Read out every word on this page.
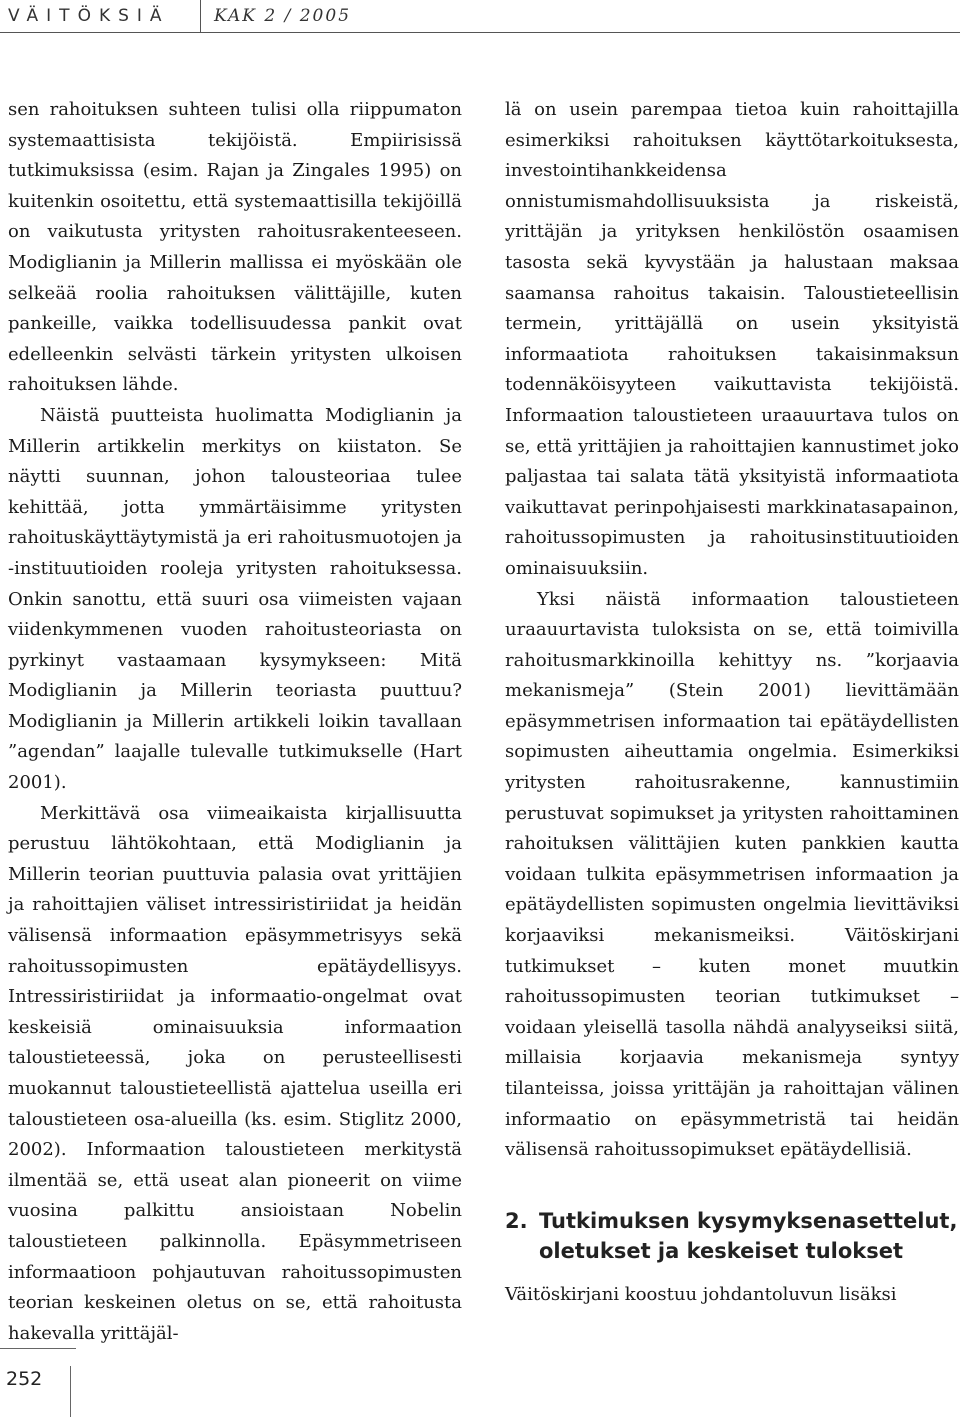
VÄITÖKSIÄ	KAK 2 / 2005

sen rahoituksen suhteen tulisi olla riippumaton systemaattisista tekijöistä. Empiirisissä tutkimuksissa (esim. Rajan ja Zingales 1995) on kuitenkin osoitettu, että systemaattisilla tekijöillä on vaikutusta yritysten rahoitusrakenteeseen. Modiglianin ja Millerin mallissa ei myöskään ole selkeää roolia rahoituksen välittäjille, kuten pankeille, vaikka todellisuudessa pankit ovat edelleenkin selvästi tärkein yritysten ulkoisen rahoituksen lähde.

Näistä puutteista huolimatta Modiglianin ja Millerin artikkelin merkitys on kiistaton. Se näytti suunnan, johon talousteoriaa tulee kehittää, jotta ymmärtäisimme yritysten rahoituskäyttäytymistä ja eri rahoitusmuotojen ja -instituutioiden rooleja yritysten rahoituksessa. Onkin sanottu, että suuri osa viimeisten vajaan viidenkymmenen vuoden rahoitusteoriasta on pyrkinyt vastaamaan kysymykseen: Mitä Modiglianin ja Millerin teoriasta puuttuu? Modiglianin ja Millerin artikkeli loikin tavallaan ”agendan” laajalle tulevalle tutkimukselle (Hart 2001).

Merkittävä osa viimeaikaista kirjallisuutta perustuu lähtökohtaan, että Modiglianin ja Millerin teorian puuttuvia palasia ovat yrittäjien ja rahoittajien väliset intressiristiriidat ja heidän välisensä informaation epäsymmetrisyys sekä rahoitussopimusten epätäydellisyys. Intressiristiriidat ja informaatio-ongelmat ovat keskeisiä ominaisuuksia informaation taloustieteessä, joka on perusteellisesti muokannut taloustieteellistä ajattelua useilla eri taloustieteen osa-alueilla (ks. esim. Stiglitz 2000, 2002). Informaation taloustieteen merkitystä ilmentää se, että useat alan pioneerit on viime vuosina palkittu ansioistaan Nobelin taloustieteen palkinnolla. Epäsymmetriseen informaatioon pohjautuvan rahoitussopimusten teorian keskeinen oletus on se, että rahoitusta hakevalla yrittäjäl-

lä on usein parempaa tietoa kuin rahoittajilla esimerkiksi rahoituksen käyttötarkoituksesta, investointihankkeidensa onnistumismahdollisuuksista ja riskeistä, yrittäjän ja yrityksen henkilöstön osaamisen tasosta sekä kyvystään ja halustaan maksaa saamansa rahoitus takaisin. Taloustieteellisin termein, yrittäjällä on usein yksityistä informaatiota rahoituksen takaisinmaksun todennäköisyyteen vaikuttavista tekijöistä. Informaation taloustieteen uraauurtava tulos on se, että yrittäjien ja rahoittajien kannustimet joko paljastaa tai salata tätä yksityistä informaatiota vaikuttavat perinpohjaisesti markkinatasapainon, rahoitussopimusten ja rahoitusinstituutioiden ominaisuuksiin.

Yksi näistä informaation taloustieteen uraauurtavista tuloksista on se, että toimivilla rahoitusmarkkinoilla kehittyy ns. ”korjaavia mekanismeja” (Stein 2001) lievittämään epäsymmetrisen informaation tai epätäydellisten sopimusten aiheuttamia ongelmia. Esimerkiksi yritysten rahoitusrakenne, kannustimiin perustuvat sopimukset ja yritysten rahoittaminen rahoituksen välittäjien kuten pankkien kautta voidaan tulkita epäsymmetrisen informaation ja epätäydellisten sopimusten ongelmia lievittäviksi korjaaviksi mekanismeiksi. Väitöskirjani tutkimukset – kuten monet muutkin rahoitussopimusten teorian tutkimukset – voidaan yleisellä tasolla nähdä analyyseiksi siitä, millaisia korjaavia mekanismeja syntyy tilanteissa, joissa yrittäjän ja rahoittajan välinen informaatio on epäsymmetristä tai heidän välisensä rahoitussopimukset epätäydellisiä.

2. Tutkimuksen kysymyksenasettelut, oletukset ja keskeiset tulokset

Väitöskirjani koostuu johdantoluvun lisäksi

252
